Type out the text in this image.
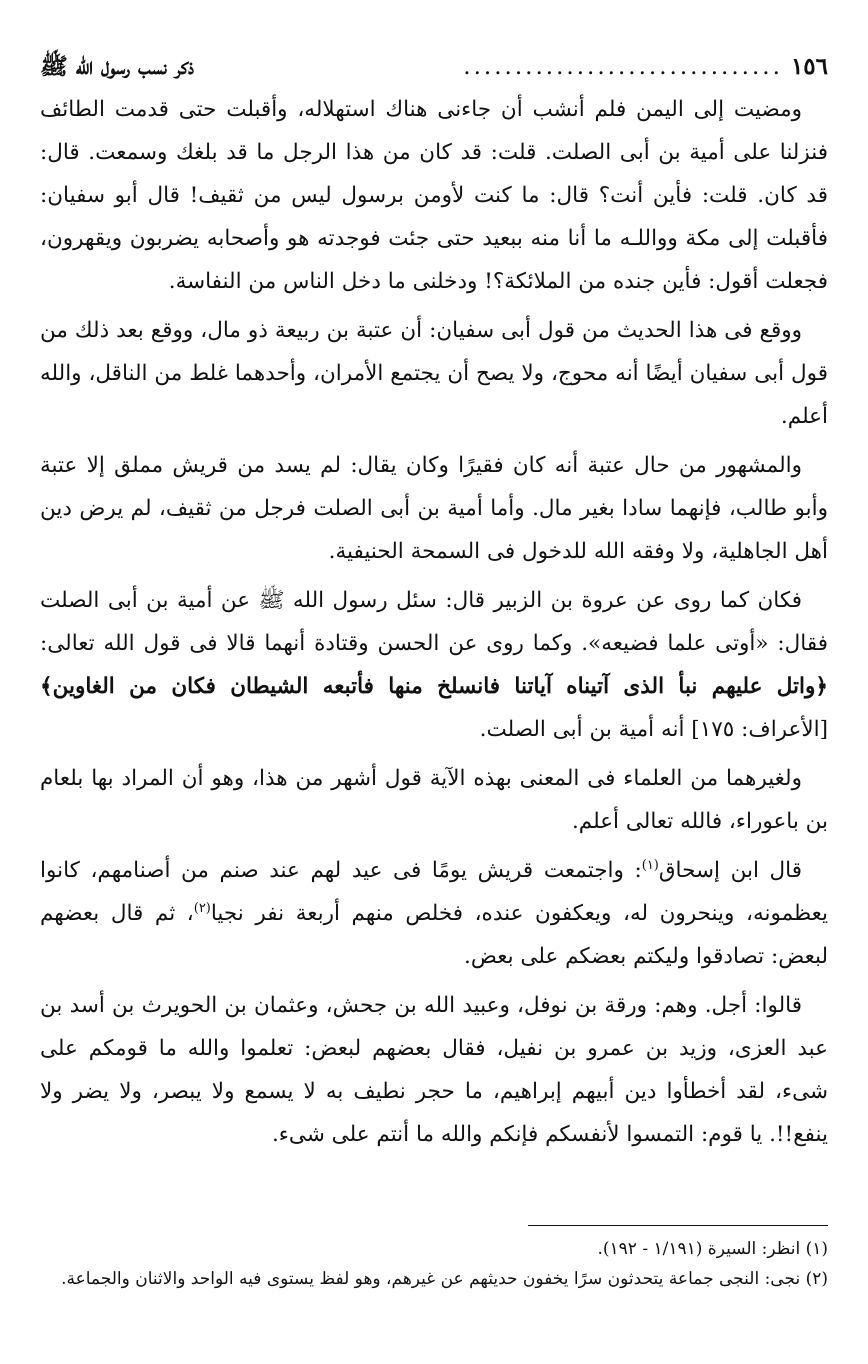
١٥٦
...............................
ذكر نسب رسول الله ﷺ

ومضيت إلى اليمن فلم أنشب أن جاءنى هناك استهلاله، وأقبلت حتى قدمت الطائف فنزلنا على أمية بن أبى الصلت. قلت: قد كان من هذا الرجل ما قد بلغك وسمعت. قال: قد كان. قلت: فأين أنت؟ قال: ما كنت لأومن برسول ليس من ثقيف! قال أبو سفيان: فأقبلت إلى مكة وواللـه ما أنا منه ببعيد حتى جئت فوجدته هو وأصحابه يضربون ويقهرون، فجعلت أقول: فأين جنده من الملائكة؟! ودخلنى ما دخل الناس من النفاسة.

ووقع فى هذا الحديث من قول أبى سفيان: أن عتبة بن ربيعة ذو مال، ووقع بعد ذلك من قول أبى سفيان أيضًا أنه محوج، ولا يصح أن يجتمع الأمران، وأحدهما غلط من الناقل، والله أعلم.

والمشهور من حال عتبة أنه كان فقيرًا وكان يقال: لم يسد من قريش مملق إلا عتبة وأبو طالب، فإنهما سادا بغير مال. وأما أمية بن أبى الصلت فرجل من ثقيف، لم يرض دين أهل الجاهلية، ولا وفقه الله للدخول فى السمحة الحنيفية.

فكان كما روى عن عروة بن الزبير قال: سئل رسول الله ﷺ عن أمية بن أبى الصلت فقال: «أوتى علما فضيعه». وكما روى عن الحسن وقتادة أنهما قالا فى قول الله تعالى: ﴿واتل عليهم نبأ الذى آتيناه آياتنا فانسلخ منها فأتبعه الشيطان فكان من الغاوين﴾ [الأعراف: ١٧٥] أنه أمية بن أبى الصلت.

ولغيرهما من العلماء فى المعنى بهذه الآية قول أشهر من هذا، وهو أن المراد بها بلعام بن باعوراء، فالله تعالى أعلم.

قال ابن إسحاق$^{(١)}$: واجتمعت قريش يومًا فى عيد لهم عند صنم من أصنامهم، كانوا يعظمونه، وينحرون له، ويعكفون عنده، فخلص منهم أربعة نفر نجيا$^{(٢)}$، ثم قال بعضهم لبعض: تصادقوا وليكتم بعضكم على بعض.

قالوا: أجل. وهم: ورقة بن نوفل، وعبيد الله بن جحش، وعثمان بن الحويرث بن أسد بن عبد العزى، وزيد بن عمرو بن نفيل، فقال بعضهم لبعض: تعلموا والله ما قومكم على شىء، لقد أخطأوا دين أبيهم إبراهيم، ما حجر نطيف به لا يسمع ولا يبصر، ولا يضر ولا ينفع!!. يا قوم: التمسوا لأنفسكم فإنكم والله ما أنتم على شىء.

(١) انظر: السيرة (١/١٩١ - ١٩٢).

(٢) نجى: النجى جماعة يتحدثون سرًا يخفون حديثهم عن غيرهم، وهو لفظ يستوى فيه الواحد والاثنان والجماعة.
